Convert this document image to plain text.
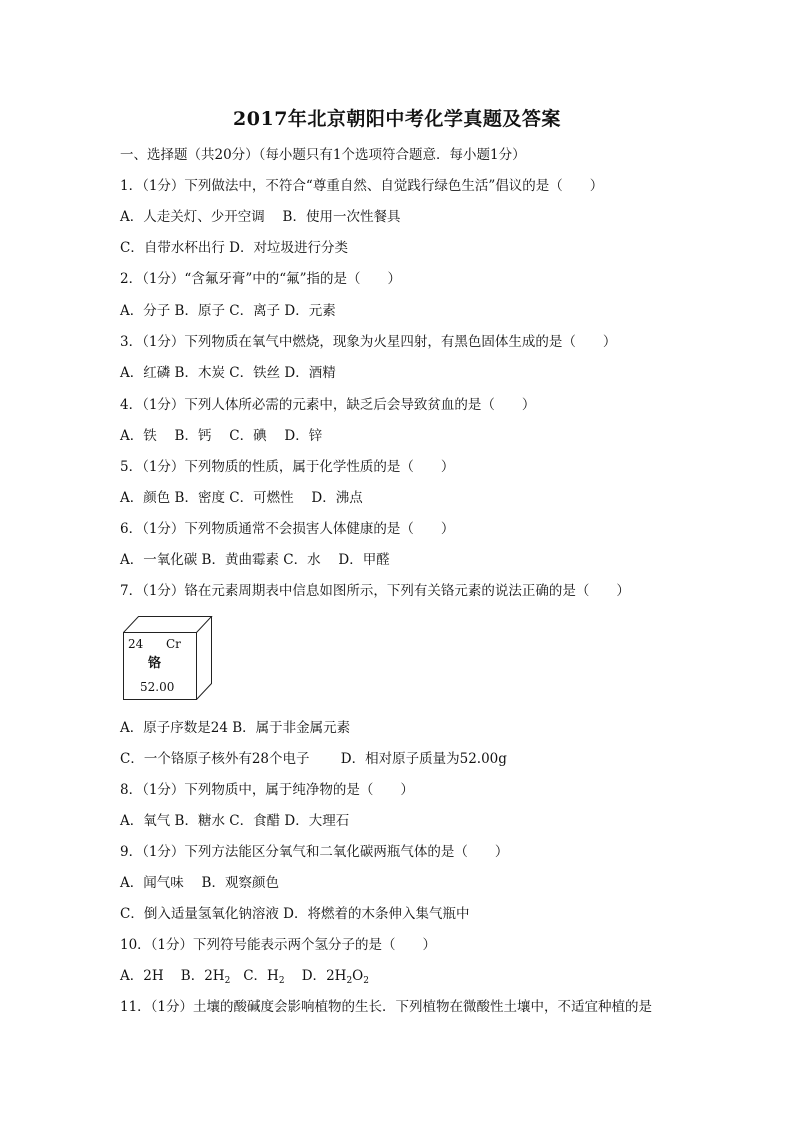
2017年北京朝阳中考化学真题及答案
一、选择题（共20分）（每小题只有1个选项符合题意．每小题1分）
1．（1分）下列做法中，不符合“尊重自然、自觉践行绿色生活”倡议的是（　　）
A．人走关灯、少开空调　 B．使用一次性餐具
C．自带水杯出行 D．对垃圾进行分类
2．（1分）“含氟牙膏”中的“氟”指的是（　　）
A．分子 B．原子 C．离子 D．元素
3．（1分）下列物质在氧气中燃烧，现象为火星四射，有黑色固体生成的是（　　）
A．红磷 B．木炭 C．铁丝 D．酒精
4．（1分）下列人体所必需的元素中，缺乏后会导致贫血的是（　　）
A．铁　 B．钙　 C．碘　 D．锌
5．（1分）下列物质的性质，属于化学性质的是（　　）
A．颜色 B．密度 C．可燃性　 D．沸点
6．（1分）下列物质通常不会损害人体健康的是（　　）
A．一氧化碳 B．黄曲霉素 C．水　 D．甲醛
7．（1分）铬在元素周期表中信息如图所示，下列有关铬元素的说法正确的是（　　）
24 Cr
铬
52.00
A．原子序数是24 B．属于非金属元素
C．一个铬原子核外有28个电子　　 D．相对原子质量为52.00g
8．（1分）下列物质中，属于纯净物的是（　　）
A．氧气 B．糖水 C．食醋 D．大理石
9．（1分）下列方法能区分氧气和二氧化碳两瓶气体的是（　　）
A．闻气味　 B．观察颜色
C．倒入适量氢氧化钠溶液 D．将燃着的木条伸入集气瓶中
10．（1分）下列符号能表示两个氢分子的是（　　）
A．2H B．$2H_2$ C．$H_2$ D．$2H_2O_2$
11．（1分）土壤的酸碱度会影响植物的生长．下列植物在微酸性土壤中，不适宜种植的是
